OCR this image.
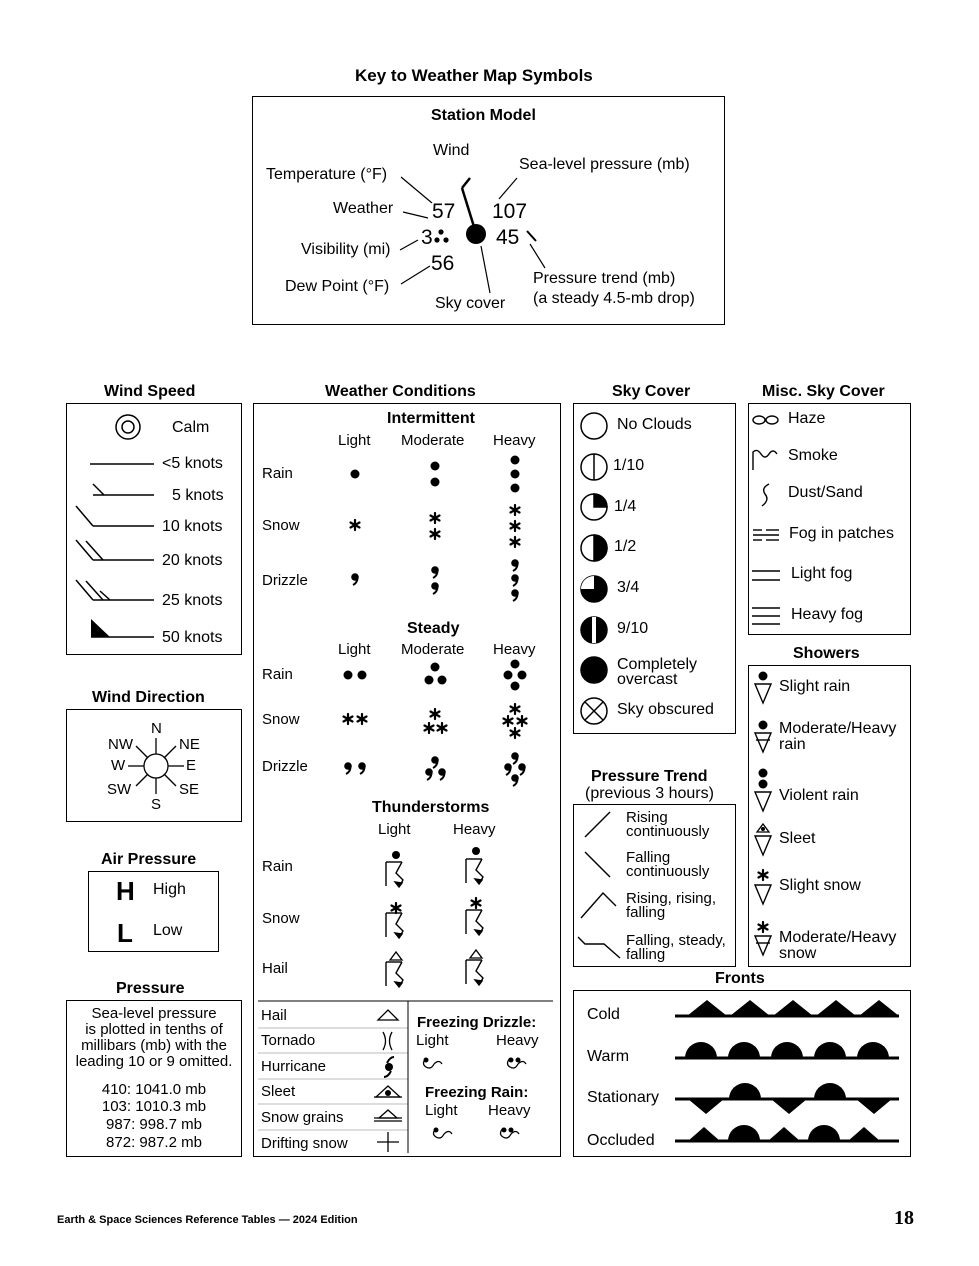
Key to Weather Map Symbols
Station Model
Wind
Temperature (°F)
Sea-level pressure (mb)
Weather
Visibility (mi)
Dew Point (°F)
Sky cover
Pressure trend (mb)
(a steady 4.5-mb drop)
57 107
3	45
56
Wind Speed	Weather Conditions	Sky Cover	Misc. Sky Cover
Calm
<5 knots
5 knots
10 knots
20 knots
25 knots
50 knots
Wind Direction
N
NE
E
SE
S
SW
W
NW
Air Pressure
H High
L Low
Pressure
Sea-level pressure
is plotted in tenths of
millibars (mb) with the
leading 10 or 9 omitted.
410: 1041.0 mb
103: 1010.3 mb
987: 998.7 mb
872: 987.2 mb
Intermittent
Light Moderate Heavy
Rain
Snow
Drizzle
Steady
Light Moderate Heavy
Rain
Snow
Drizzle
Thunderstorms
Light	Heavy
Rain
Snow
Hail
Hail
Tornado
Hurricane
Sleet
Snow grains
Drifting snow
Freezing Drizzle:
Light	Heavy
Freezing Rain:
Light Heavy
No Clouds
1/10
1/4
1/2
3/4
9/10
Completely
overcast
Sky obscured
Pressure Trend
(previous 3 hours)
Rising
continuously
Falling
continuously
Rising, rising,
falling
Falling, steady,
falling
Haze
Smoke
Dust/Sand
Fog in patches
Light fog
Heavy fog
Showers
Slight rain
Moderate/Heavy
rain
Violent rain
Sleet
Slight snow
Moderate/Heavy
snow
Fronts
Cold
Warm
Stationary
Occluded
Earth & Space Sciences Reference Tables — 2024 Edition	18
